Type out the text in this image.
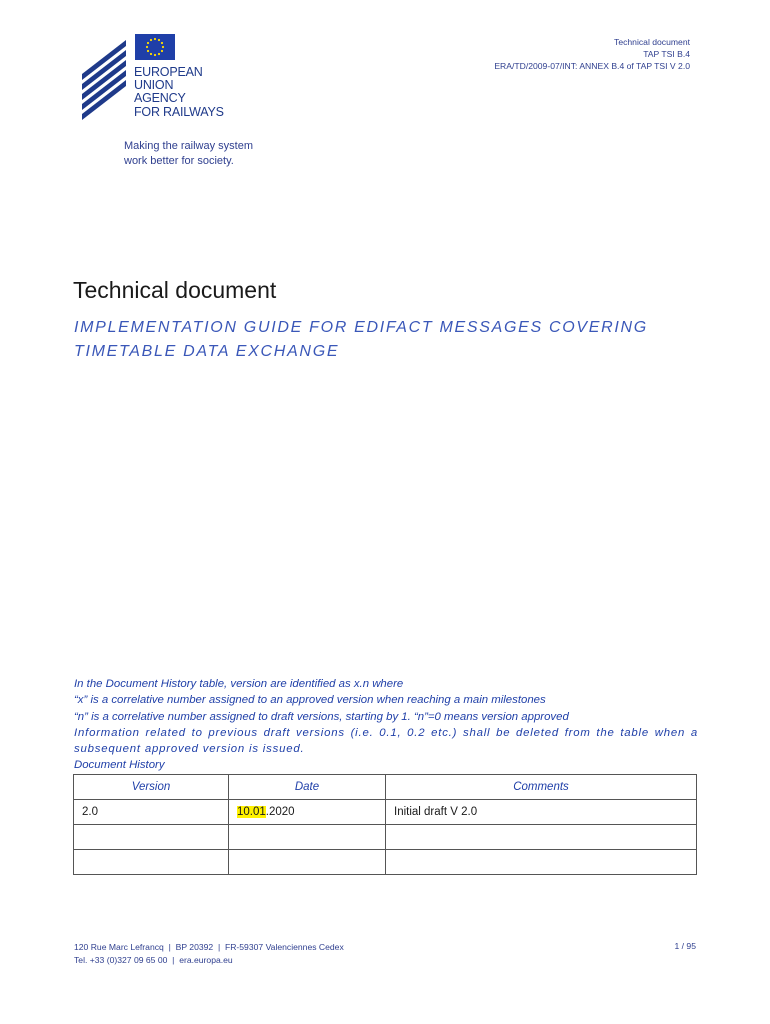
Technical document
TAP TSI B.4
ERA/TD/2009-07/INT: ANNEX B.4 of TAP TSI V 2.0
EUROPEAN
UNION
AGENCY
FOR RAILWAYS
Making the railway system
work better for society.
Technical document
IMPLEMENTATION GUIDE FOR EDIFACT MESSAGES COVERING
TIMETABLE DATA EXCHANGE

In the Document History table, version are identified as x.n where

“x” is a correlative number assigned to an approved version when reaching a main milestones

“n” is a correlative number assigned to draft versions, starting by 1. “n”=0 means version approved

Information related to previous draft versions (i.e. 0.1, 0.2 etc.) shall be deleted from the table when a subsequent approved version is issued.

Document History

Version	Date	Comments
2.0	10.01.2020	Initial draft V 2.0

120 Rue Marc Lefrancq  |  BP 20392  |  FR-59307 Valenciennes Cedex
Tel. +33 (0)327 09 65 00  |  era.europa.eu
1 / 95
